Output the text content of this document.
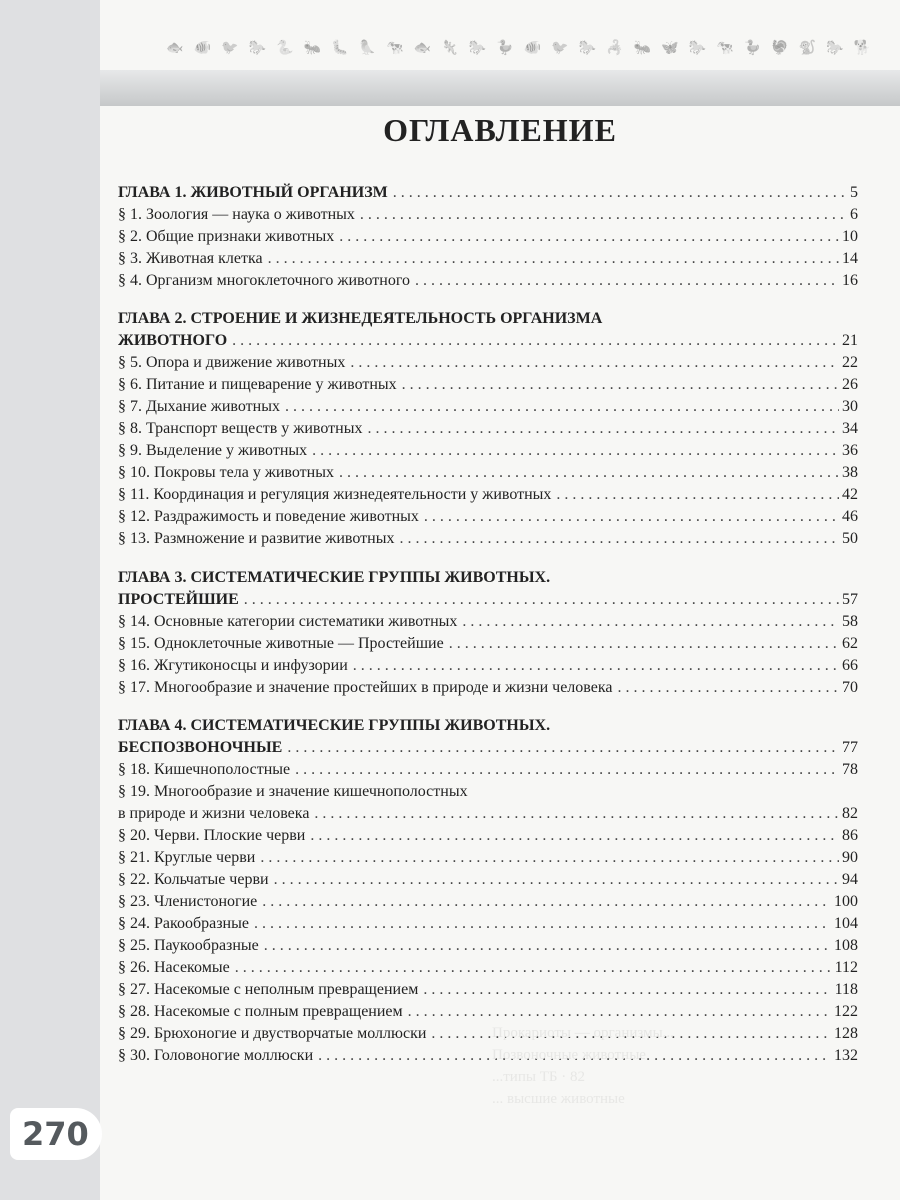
🐟 🐠 🐦 🐎 🐍 🐜 🐛 🦜 🐄 🐟 🦎 🐎 🦆 🐠 🐦 🐎 🦂 🐜 🦋 🐎 🐄 🦆 🦃 🐒 🐎 🐕
ОГЛАВЛЕНИЕ
ГЛАВА 1. ЖИВОТНЫЙ ОРГАНИЗМ . . .	5
§ 1. Зоология — наука о животных . . .	6
§ 2. Общие признаки животных . . .	10
§ 3. Животная клетка . . .	14
§ 4. Организм многоклеточного животного . . .	16
ГЛАВА 2. СТРОЕНИЕ И ЖИЗНЕДЕЯТЕЛЬНОСТЬ ОРГАНИЗМА
ЖИВОТНОГО . . .	21
§ 5. Опора и движение животных . . .	22
§ 6. Питание и пищеварение у животных . . .	26
§ 7. Дыхание животных . . .	30
§ 8. Транспорт веществ у животных . . .	34
§ 9. Выделение у животных . . .	36
§ 10. Покровы тела у животных . . .	38
§ 11. Координация и регуляция жизнедеятельности у животных . . .	42
§ 12. Раздражимость и поведение животных . . .	46
§ 13. Размножение и развитие животных . . .	50
ГЛАВА 3. СИСТЕМАТИЧЕСКИЕ ГРУППЫ ЖИВОТНЫХ.
ПРОСТЕЙШИЕ . . .	57
§ 14. Основные категории систематики животных . . .	58
§ 15. Одноклеточные животные — Простейшие . . .	62
§ 16. Жгутиконосцы и инфузории . . .	66
§ 17. Многообразие и значение простейших в природе и жизни человека . . .	70
ГЛАВА 4. СИСТЕМАТИЧЕСКИЕ ГРУППЫ ЖИВОТНЫХ.
БЕСПОЗВОНОЧНЫЕ . . .	77
§ 18. Кишечнополостные . . .	78
§ 19. Многообразие и значение кишечнополостных
в природе и жизни человека . . .	82
§ 20. Черви. Плоские черви . . .	86
§ 21. Круглые черви . . .	90
§ 22. Кольчатые черви . . .	94
§ 23. Членистоногие . . .	100
§ 24. Ракообразные . . .	104
§ 25. Паукообразные . . .	108
§ 26. Насекомые . . .	112
§ 27. Насекомые с неполным превращением . . .	118
§ 28. Насекомые с полным превращением . . .	122
§ 29. Брюхоногие и двустворчатые моллюски . . .	128
§ 30. Головоногие моллюски . . .	132
Прокариоты — организмы...
Позвоночные животные
...типы ТБ · 82
... высшие животные

270
